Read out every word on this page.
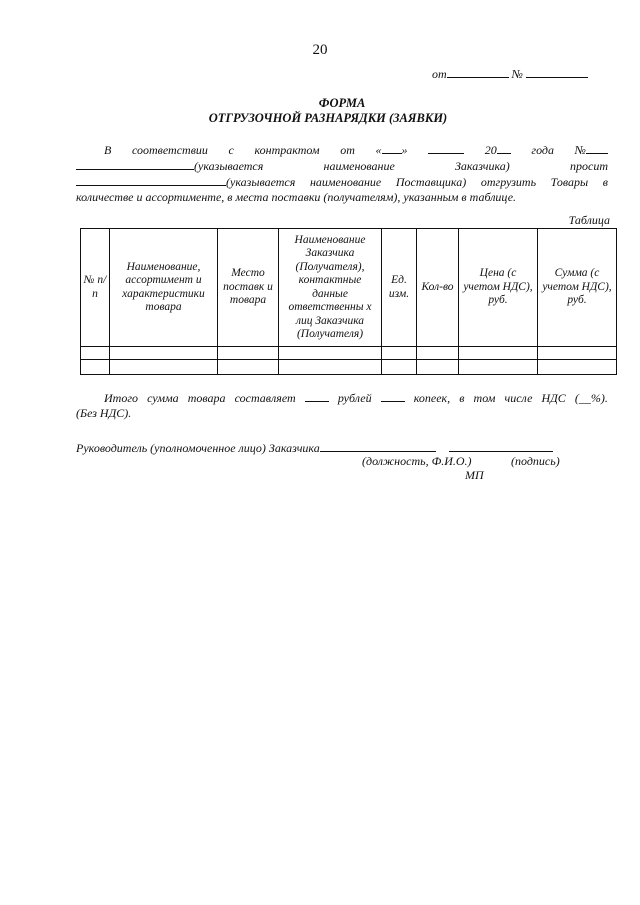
20
от	№
ФОРМА
ОТГРУЗОЧНОЙ РАЗНАРЯДКИ (ЗАЯВКИ)
В соответствии с контрактом от « »	20	года №
(указывается	наименование	Заказчика)	просит
(указывается наименование Поставщика) отгрузить Товары в
количестве и ассортименте, в места поставки (получателям), указанным в таблице.
Таблица
№ п/п	Наименование, ассортимент и характеристики товара	Место поставк и товара	Наименование Заказчика (Получателя), контактные данные ответственны х лиц Заказчика (Получателя)	Ед. изм.	Кол-во	Цена (с учетом НДС), руб.	Сумма (с учетом НДС), руб.

Итого сумма товара составляет	рублей	копеек, в том числе НДС (__%).
(Без НДС).
Руководитель (уполномоченное лицо) Заказчика
(должность, Ф.И.О.)	(подпись)
МП
